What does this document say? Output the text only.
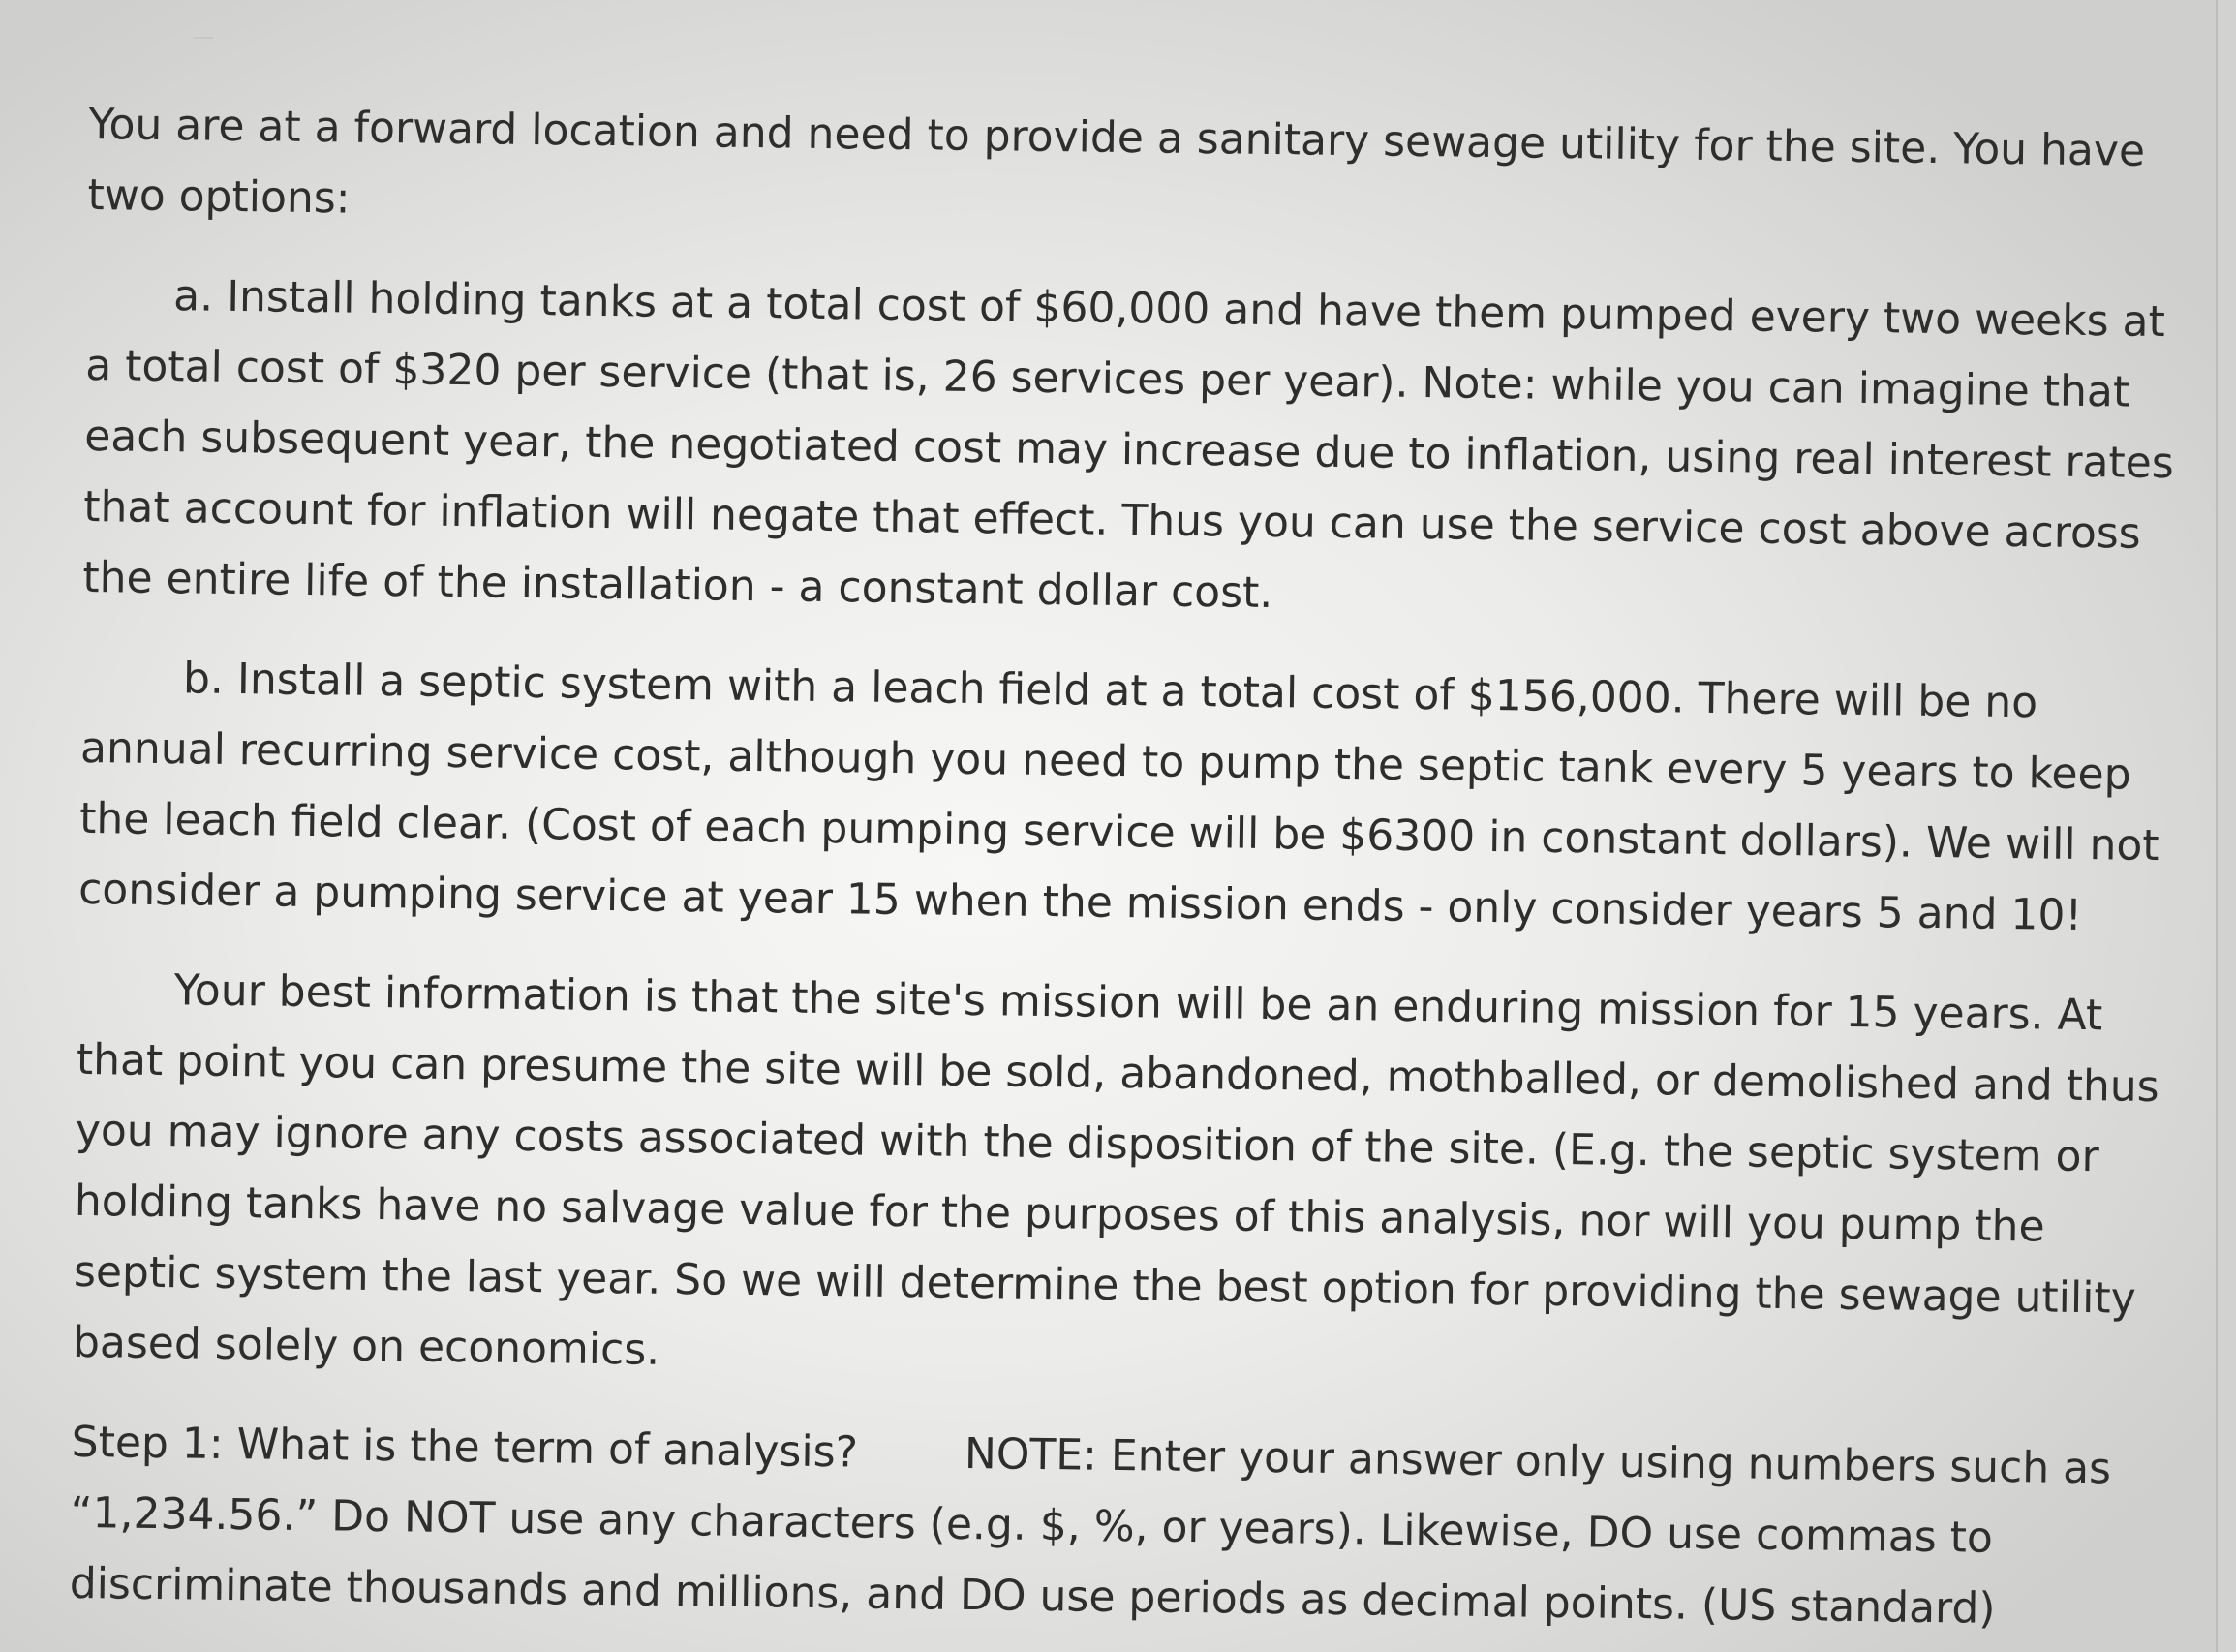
You are at a forward location and need to provide a sanitary sewage utility for the site. You have two options:

a. Install holding tanks at a total cost of $60,000 and have them pumped every two weeks at a total cost of $320 per service (that is, 26 services per year). Note: while you can imagine that each subsequent year, the negotiated cost may increase due to inflation, using real interest rates that account for inflation will negate that effect. Thus you can use the service cost above across the entire life of the installation - a constant dollar cost.

b. Install a septic system with a leach field at a total cost of $156,000. There will be no annual recurring service cost, although you need to pump the septic tank every 5 years to keep the leach field clear. (Cost of each pumping service will be $6300 in constant dollars). We will not consider a pumping service at year 15 when the mission ends - only consider years 5 and 10!

Your best information is that the site's mission will be an enduring mission for 15 years. At that point you can presume the site will be sold, abandoned, mothballed, or demolished and thus you may ignore any costs associated with the disposition of the site. (E.g. the septic system or holding tanks have no salvage value for the purposes of this analysis, nor will you pump the septic system the last year. So we will determine the best option for providing the sewage utility based solely on economics.

Step 1: What is the term of analysis? NOTE: Enter your answer only using numbers such as “1,234.56.” Do NOT use any characters (e.g. $, %, or years). Likewise, DO use commas to discriminate thousands and millions, and DO use periods as decimal points. (US standard)
